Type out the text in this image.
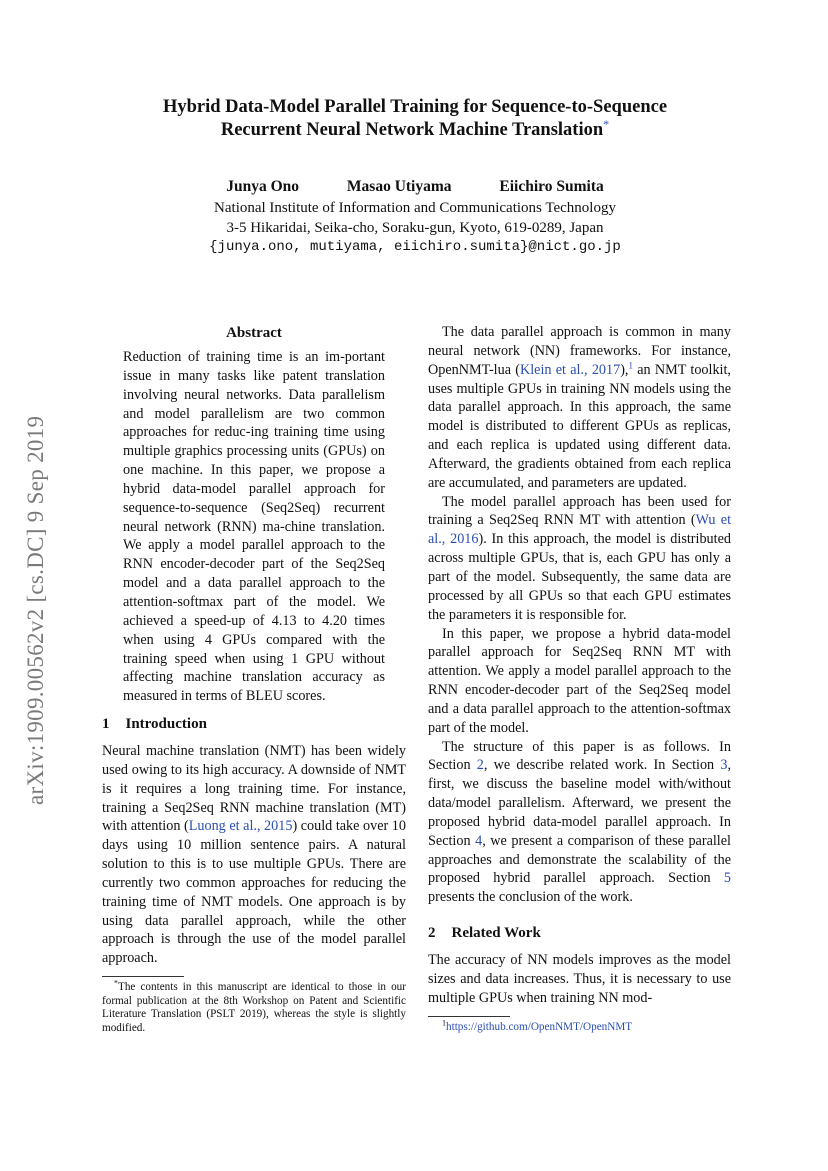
arXiv:1909.00562v2 [cs.DC] 9 Sep 2019
Hybrid Data-Model Parallel Training for Sequence-to-Sequence
Recurrent Neural Network Machine Translation*
Junya Ono	Masao Utiyama	Eiichiro Sumita
National Institute of Information and Communications Technology
3-5 Hikaridai, Seika-cho, Soraku-gun, Kyoto, 619-0289, Japan
{junya.ono, mutiyama, eiichiro.sumita}@nict.go.jp
Abstract

Reduction of training time is an im-portant issue in many tasks like patent translation involving neural networks. Data parallelism and model parallelism are two common approaches for reduc-ing training time using multiple graphics processing units (GPUs) on one machine. In this paper, we propose a hybrid data-model parallel approach for sequence-to-sequence (Seq2Seq) recurrent neural network (RNN) ma-chine translation. We apply a model parallel approach to the RNN encoder-decoder part of the Seq2Seq model and a data parallel approach to the attention-softmax part of the model. We achieved a speed-up of 4.13 to 4.20 times when using 4 GPUs compared with the training speed when using 1 GPU without affecting machine translation accuracy as measured in terms of BLEU scores.

1 Introduction

Neural machine translation (NMT) has been widely used owing to its high accuracy. A downside of NMT is it requires a long training time. For instance, training a Seq2Seq RNN machine translation (MT) with attention (Luong et al., 2015) could take over 10 days using 10 million sentence pairs. A natural solution to this is to use multiple GPUs. There are currently two common approaches for reducing the training time of NMT models. One approach is by using data parallel approach, while the other approach is through the use of the model parallel approach.

*The contents in this manuscript are identical to those in our formal publication at the 8th Workshop on Patent and Scientific Literature Translation (PSLT 2019), whereas the style is slightly modified.

The data parallel approach is common in many neural network (NN) frameworks. For instance, OpenNMT-lua (Klein et al., 2017),$^1$ an NMT toolkit, uses multiple GPUs in training NN models using the data parallel approach. In this approach, the same model is distributed to different GPUs as replicas, and each replica is updated using different data. Afterward, the gradients obtained from each replica are accumulated, and parameters are updated.

The model parallel approach has been used for training a Seq2Seq RNN MT with attention (Wu et al., 2016). In this approach, the model is distributed across multiple GPUs, that is, each GPU has only a part of the model. Subsequently, the same data are processed by all GPUs so that each GPU estimates the parameters it is responsible for.

In this paper, we propose a hybrid data-model parallel approach for Seq2Seq RNN MT with attention. We apply a model parallel approach to the RNN encoder-decoder part of the Seq2Seq model and a data parallel approach to the attention-softmax part of the model.

The structure of this paper is as follows. In Section 2, we describe related work. In Section 3, first, we discuss the baseline model with/without data/model parallelism. Afterward, we present the proposed hybrid data-model parallel approach. In Section 4, we present a comparison of these parallel approaches and demonstrate the scalability of the proposed hybrid parallel approach. Section 5 presents the conclusion of the work.

2 Related Work

The accuracy of NN models improves as the model sizes and data increases. Thus, it is necessary to use multiple GPUs when training NN mod-

$^1$https://github.com/OpenNMT/OpenNMT
